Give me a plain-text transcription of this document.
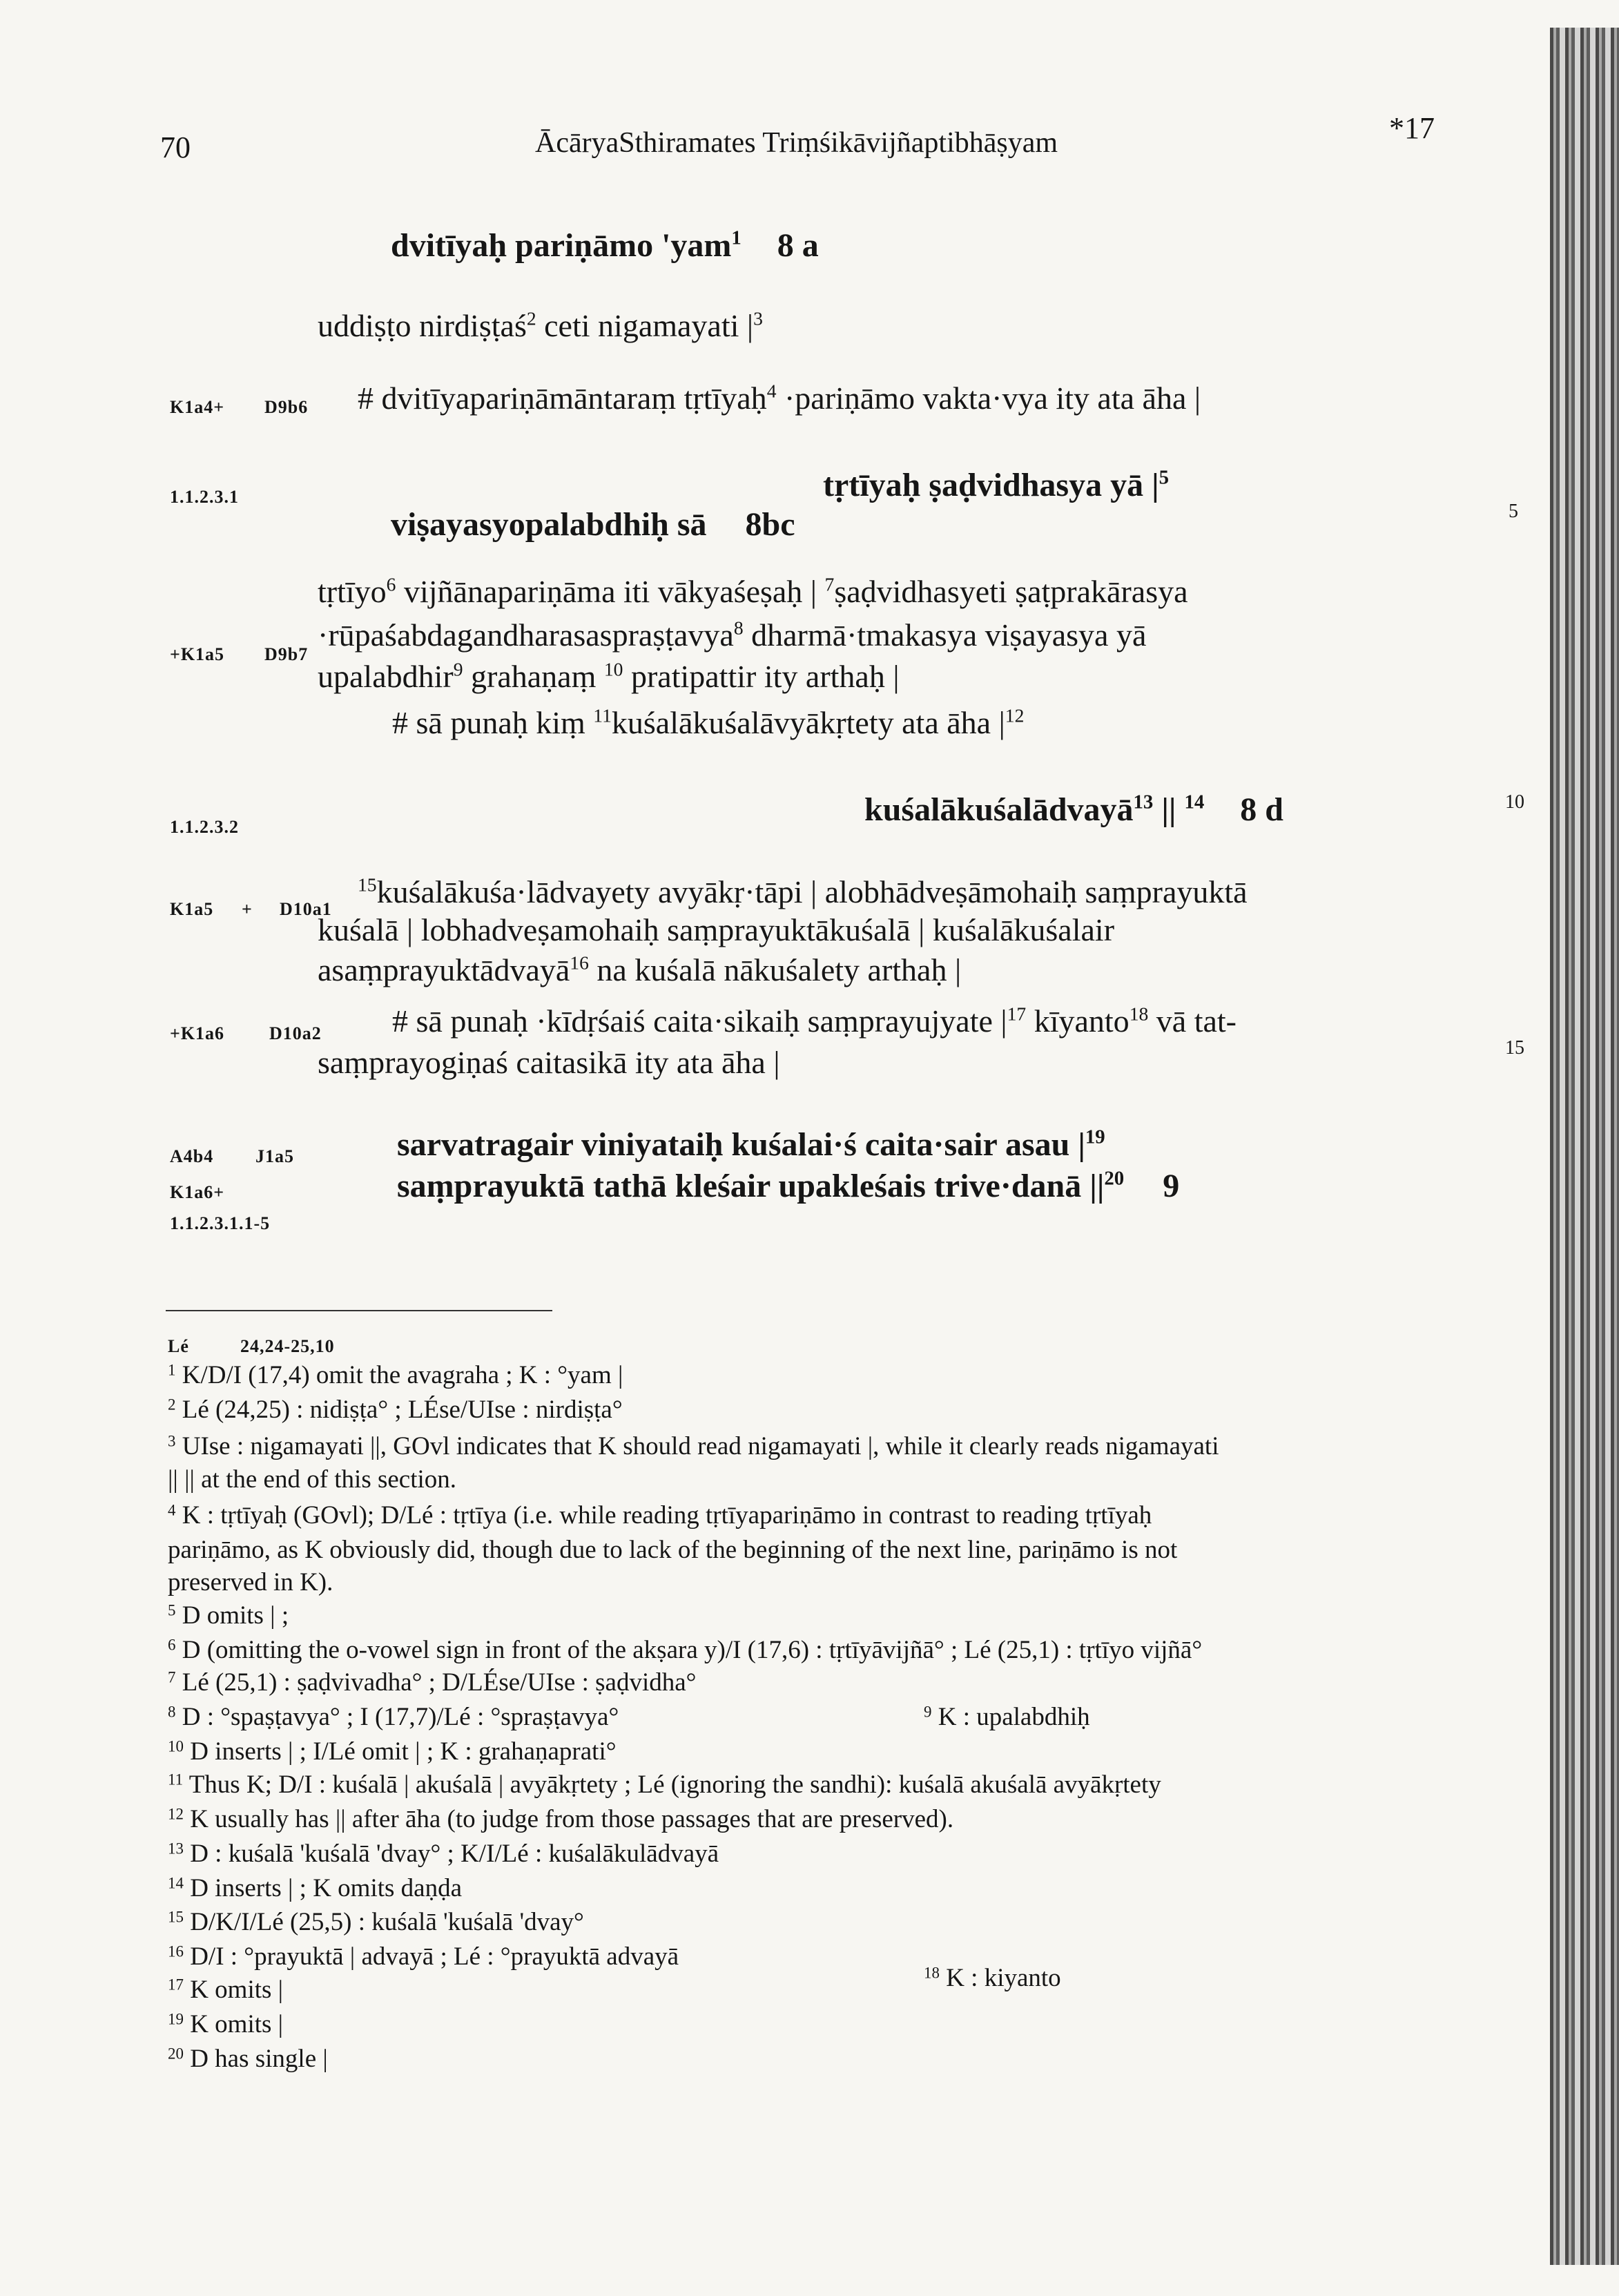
70	ĀcāryaSthiramates Triṃśikāvijñaptibhāṣyam	*17
dvitīyaḥ pariṇāmo 'yam$^1$ 8 a
uddiṣṭo nirdiṣṭaś$^2$ ceti nigamayati $|^3$
K1a4+ D9b6 # dvitīyapariṇāmāntaraṃ tṛtīyaḥ$^4$ ·pariṇāmo vakta·vya ity ata āha |
1.1.2.3.1	tṛtīyaḥ ṣaḍvidhasya yā $|^5$
viṣayasyopalabdhiḥ sā 8bc	5
tṛtīyo$^6$ vijñānapariṇāma iti vākyaśeṣaḥ | $^7$ṣaḍvidhasyeti ṣaṭprakārasya
+K1a5 D9b7
·rūpaśabdagandharasaspraṣṭavya$^8$ dharmā·tmakasya viṣayasya yā
upalabdhir$^9$ grahaṇaṃ $^{10}$ pratipattir ity arthaḥ |
# sā punaḥ kiṃ $^{11}$kuśalākuśalāvyākṛtety ata āha $|^{12}$
1.1.2.3.2	kuśalākuśalādvayā$^{13}$ || $^{14}$ 8 d	10
K1a5 + D10a1
$^{15}$kuśalākuśa·lādvayety avyākṛ·tāpi | alobhādveṣāmohaiḥ saṃprayuktā
kuśalā | lobhadveṣamohaiḥ saṃprayuktākuśalā | kuśalākuśalair
asaṃprayuktādvayā$^{16}$ na kuśalā nākuśalety arthaḥ |
+K1a6 D10a2 # sā punaḥ ·kīdṛśaiś caita·sikaiḥ saṃprayujyate $|^{17}$ kīyanto$^{18}$ vā tat-
saṃprayogiṇaś caitasikā ity ata āha |	15
A4b4 J1a5	sarvatragair viniyataiḥ kuśalai·ś caita·sair asau $|^{19}$
K1a6+	saṃprayuktā tathā kleśair upakleśais trive·danā $||^{20}$ 9
1.1.2.3.1.1-5
Lé	24,24-25,10
$^1$ K/D/I (17,4) omit the avagraha ; K : °yam |
$^2$ Lé (24,25) : nidiṣṭa° ; LÉse/UIse : nirdiṣṭa°
$^3$ UIse : nigamayati ||, GOvl indicates that K should read nigamayati |, while it clearly reads nigamayati
|| || at the end of this section.
$^4$ K : tṛtīyaḥ (GOvl); D/Lé : tṛtīya (i.e. while reading tṛtīyapariṇāmo in contrast to reading tṛtīyaḥ
pariṇāmo, as K obviously did, though due to lack of the beginning of the next line, pariṇāmo is not
preserved in K).
$^5$ D omits | ;
$^6$ D (omitting the o-vowel sign in front of the akṣara y)/I (17,6) : tṛtīyāvijñā° ; Lé (25,1) : tṛtīyo vijñā°
$^7$ Lé (25,1) : ṣaḍvivadha° ; D/LÉse/UIse : ṣaḍvidha°
$^8$ D : °spaṣṭavya° ; I (17,7)/Lé : °spraṣṭavya°	$^9$ K : upalabdhiḥ
$^{10}$ D inserts | ; I/Lé omit | ; K : grahaṇaprati°
$^{11}$ Thus K; D/I : kuśalā | akuśalā | avyākṛtety ; Lé (ignoring the sandhi): kuśalā akuśalā avyākṛtety
$^{12}$ K usually has || after āha (to judge from those passages that are preserved).
$^{13}$ D : kuśalā 'kuśalā 'dvay° ; K/I/Lé : kuśalākulādvayā
$^{14}$ D inserts | ; K omits daṇḍa
$^{15}$ D/K/I/Lé (25,5) : kuśalā 'kuśalā 'dvay°
$^{16}$ D/I : °prayuktā | advayā ; Lé : °prayuktā advayā
$^{17}$ K omits |
$^{18}$ K : kiyanto
$^{19}$ K omits |
$^{20}$ D has single |
